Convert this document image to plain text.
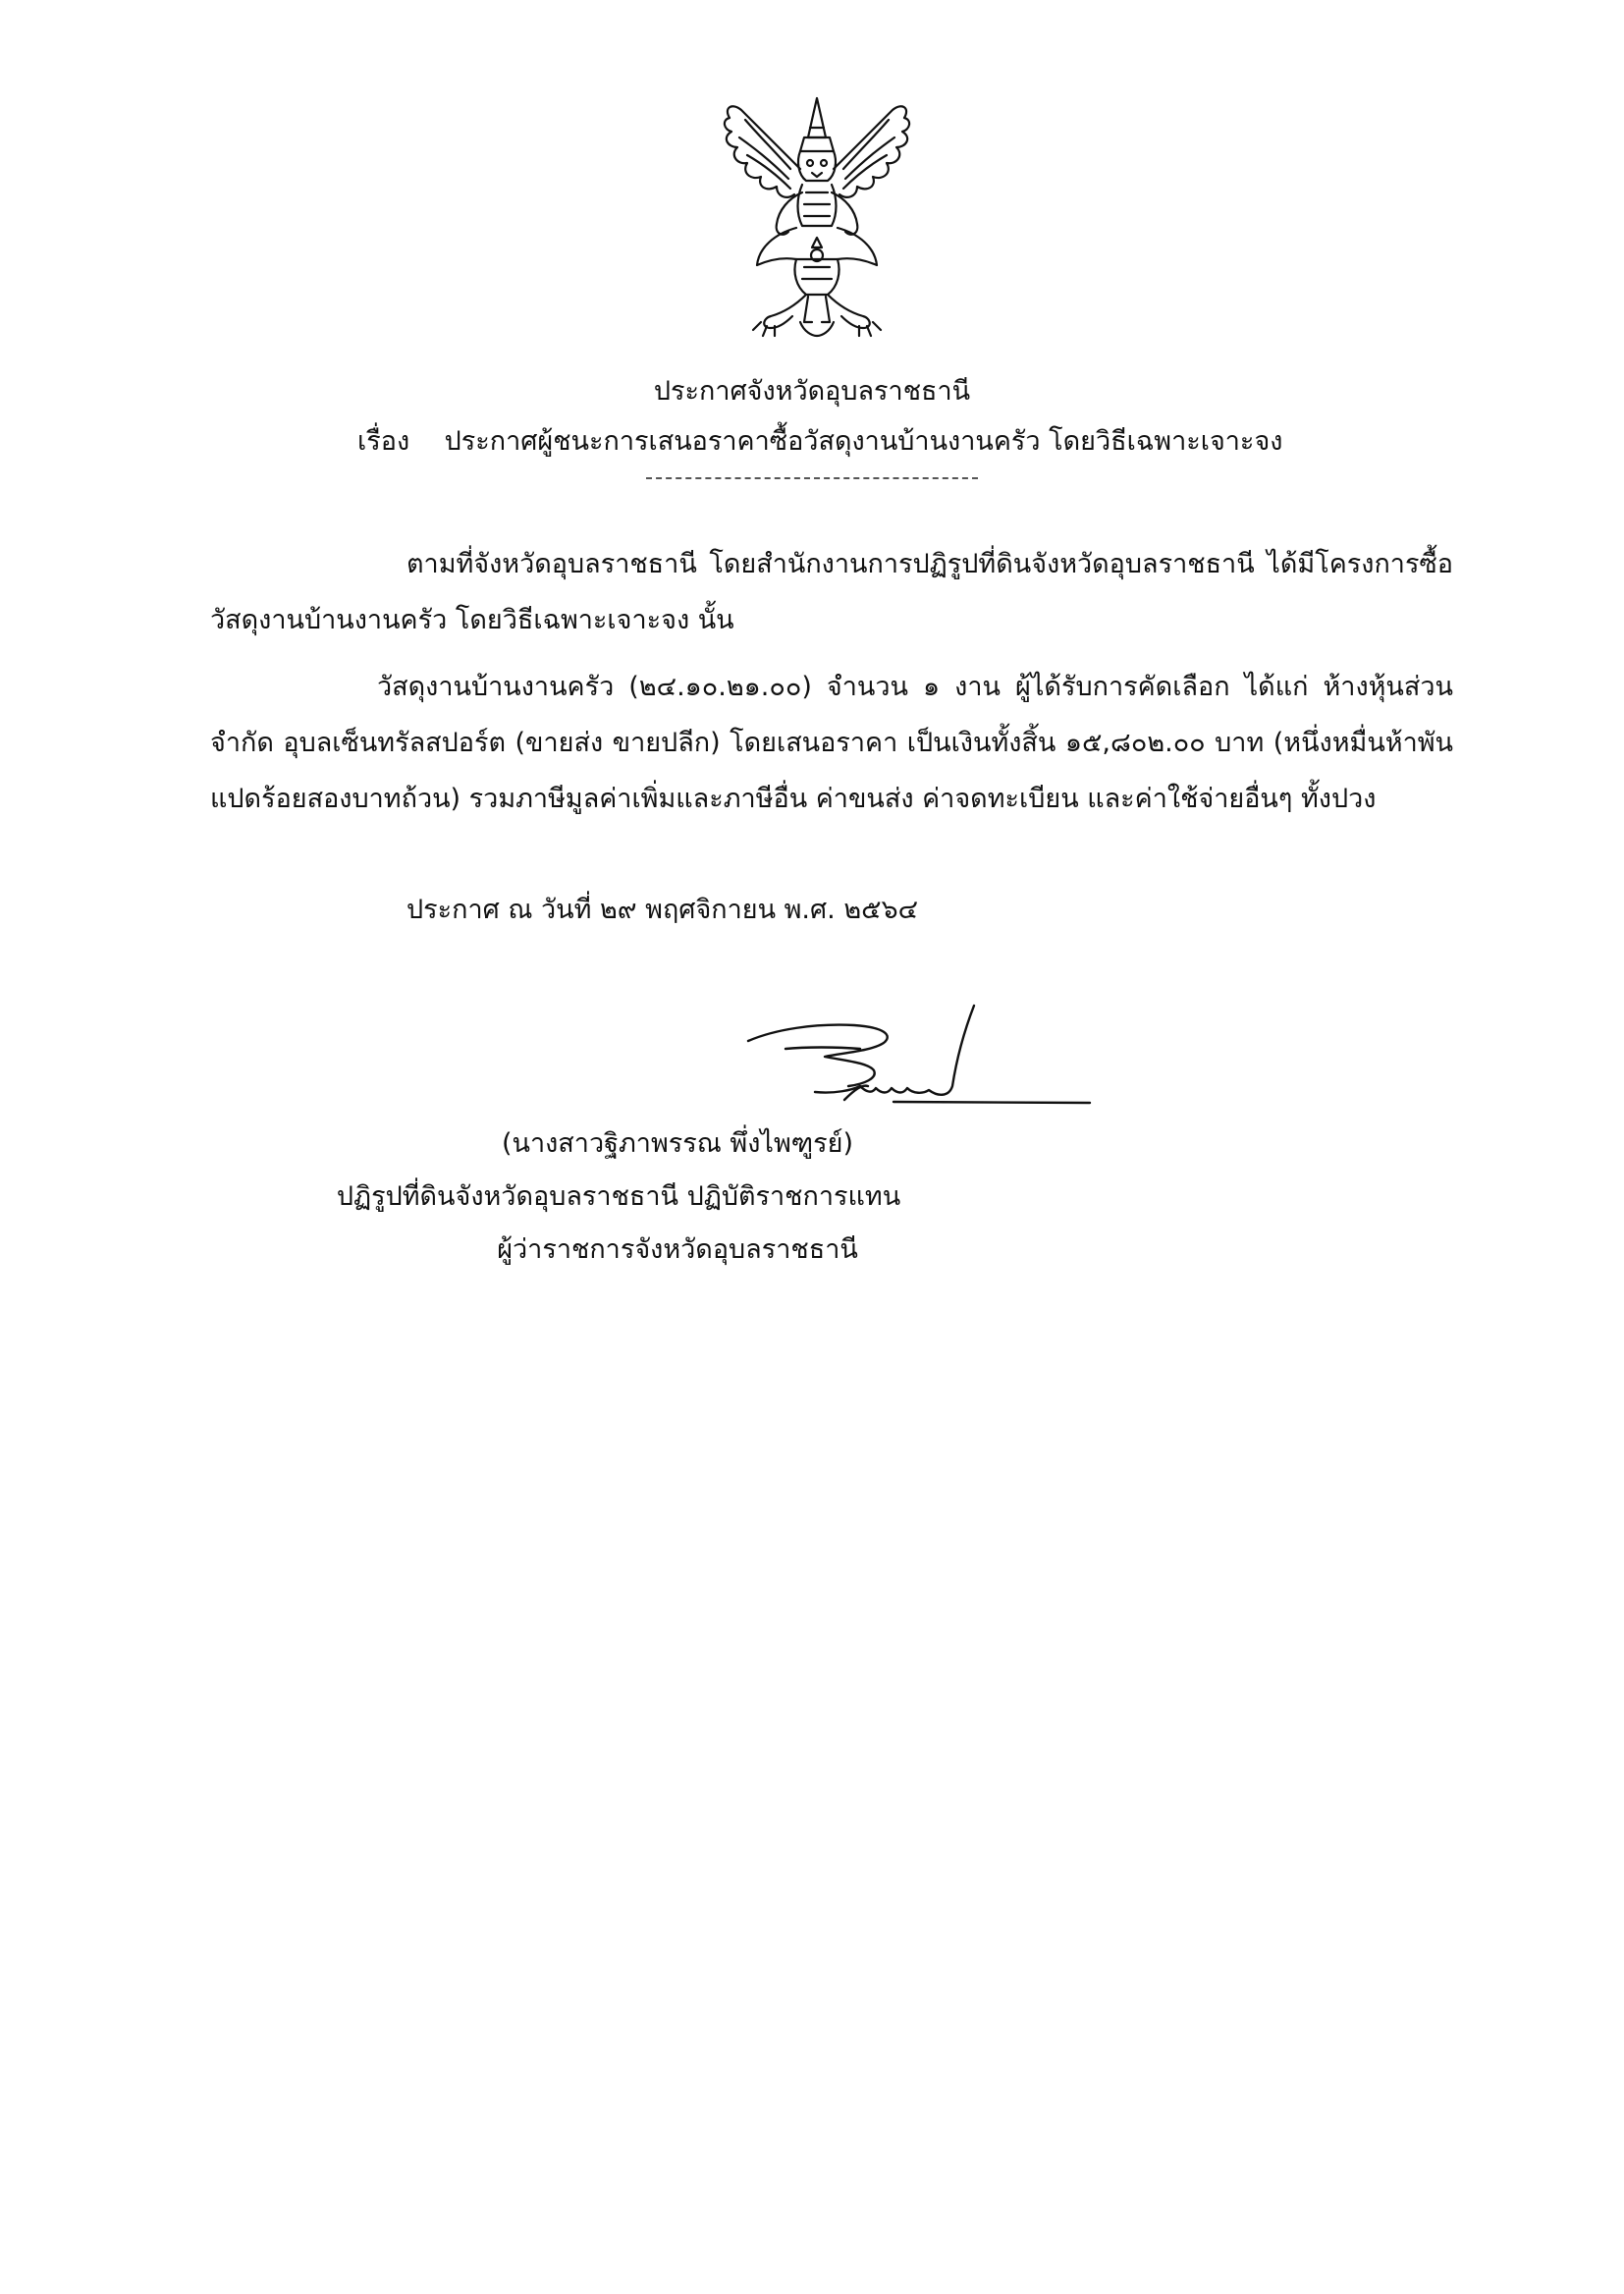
ประกาศจังหวัดอุบลราชธานี
เรื่อง ประกาศผู้ชนะการเสนอราคาซื้อวัสดุงานบ้านงานครัว โดยวิธีเฉพาะเจาะจง
ตามที่จังหวัดอุบลราชธานี โดยสำนักงานการปฏิรูปที่ดินจังหวัดอุบลราชธานี ได้มีโครงการซื้อวัสดุงานบ้านงานครัว โดยวิธีเฉพาะเจาะจง นั้น
วัสดุงานบ้านงานครัว (๒๔.๑๐.๒๑.๐๐) จำนวน ๑ งาน ผู้ได้รับการคัดเลือก ได้แก่ ห้างหุ้นส่วนจำกัด อุบลเซ็นทรัลสปอร์ต (ขายส่ง ขายปลีก) โดยเสนอราคา เป็นเงินทั้งสิ้น ๑๕,๘๐๒.๐๐ บาท (หนึ่งหมื่นห้าพันแปดร้อยสองบาทถ้วน) รวมภาษีมูลค่าเพิ่มและภาษีอื่น ค่าขนส่ง ค่าจดทะเบียน และค่าใช้จ่ายอื่นๆ ทั้งปวง
ประกาศ ณ วันที่ ๒๙ พฤศจิกายน พ.ศ. ๒๕๖๔
(นางสาวฐิภาพรรณ พึ่งไพฑูรย์)
ปฏิรูปที่ดินจังหวัดอุบลราชธานี ปฏิบัติราชการแทน
ผู้ว่าราชการจังหวัดอุบลราชธานี
